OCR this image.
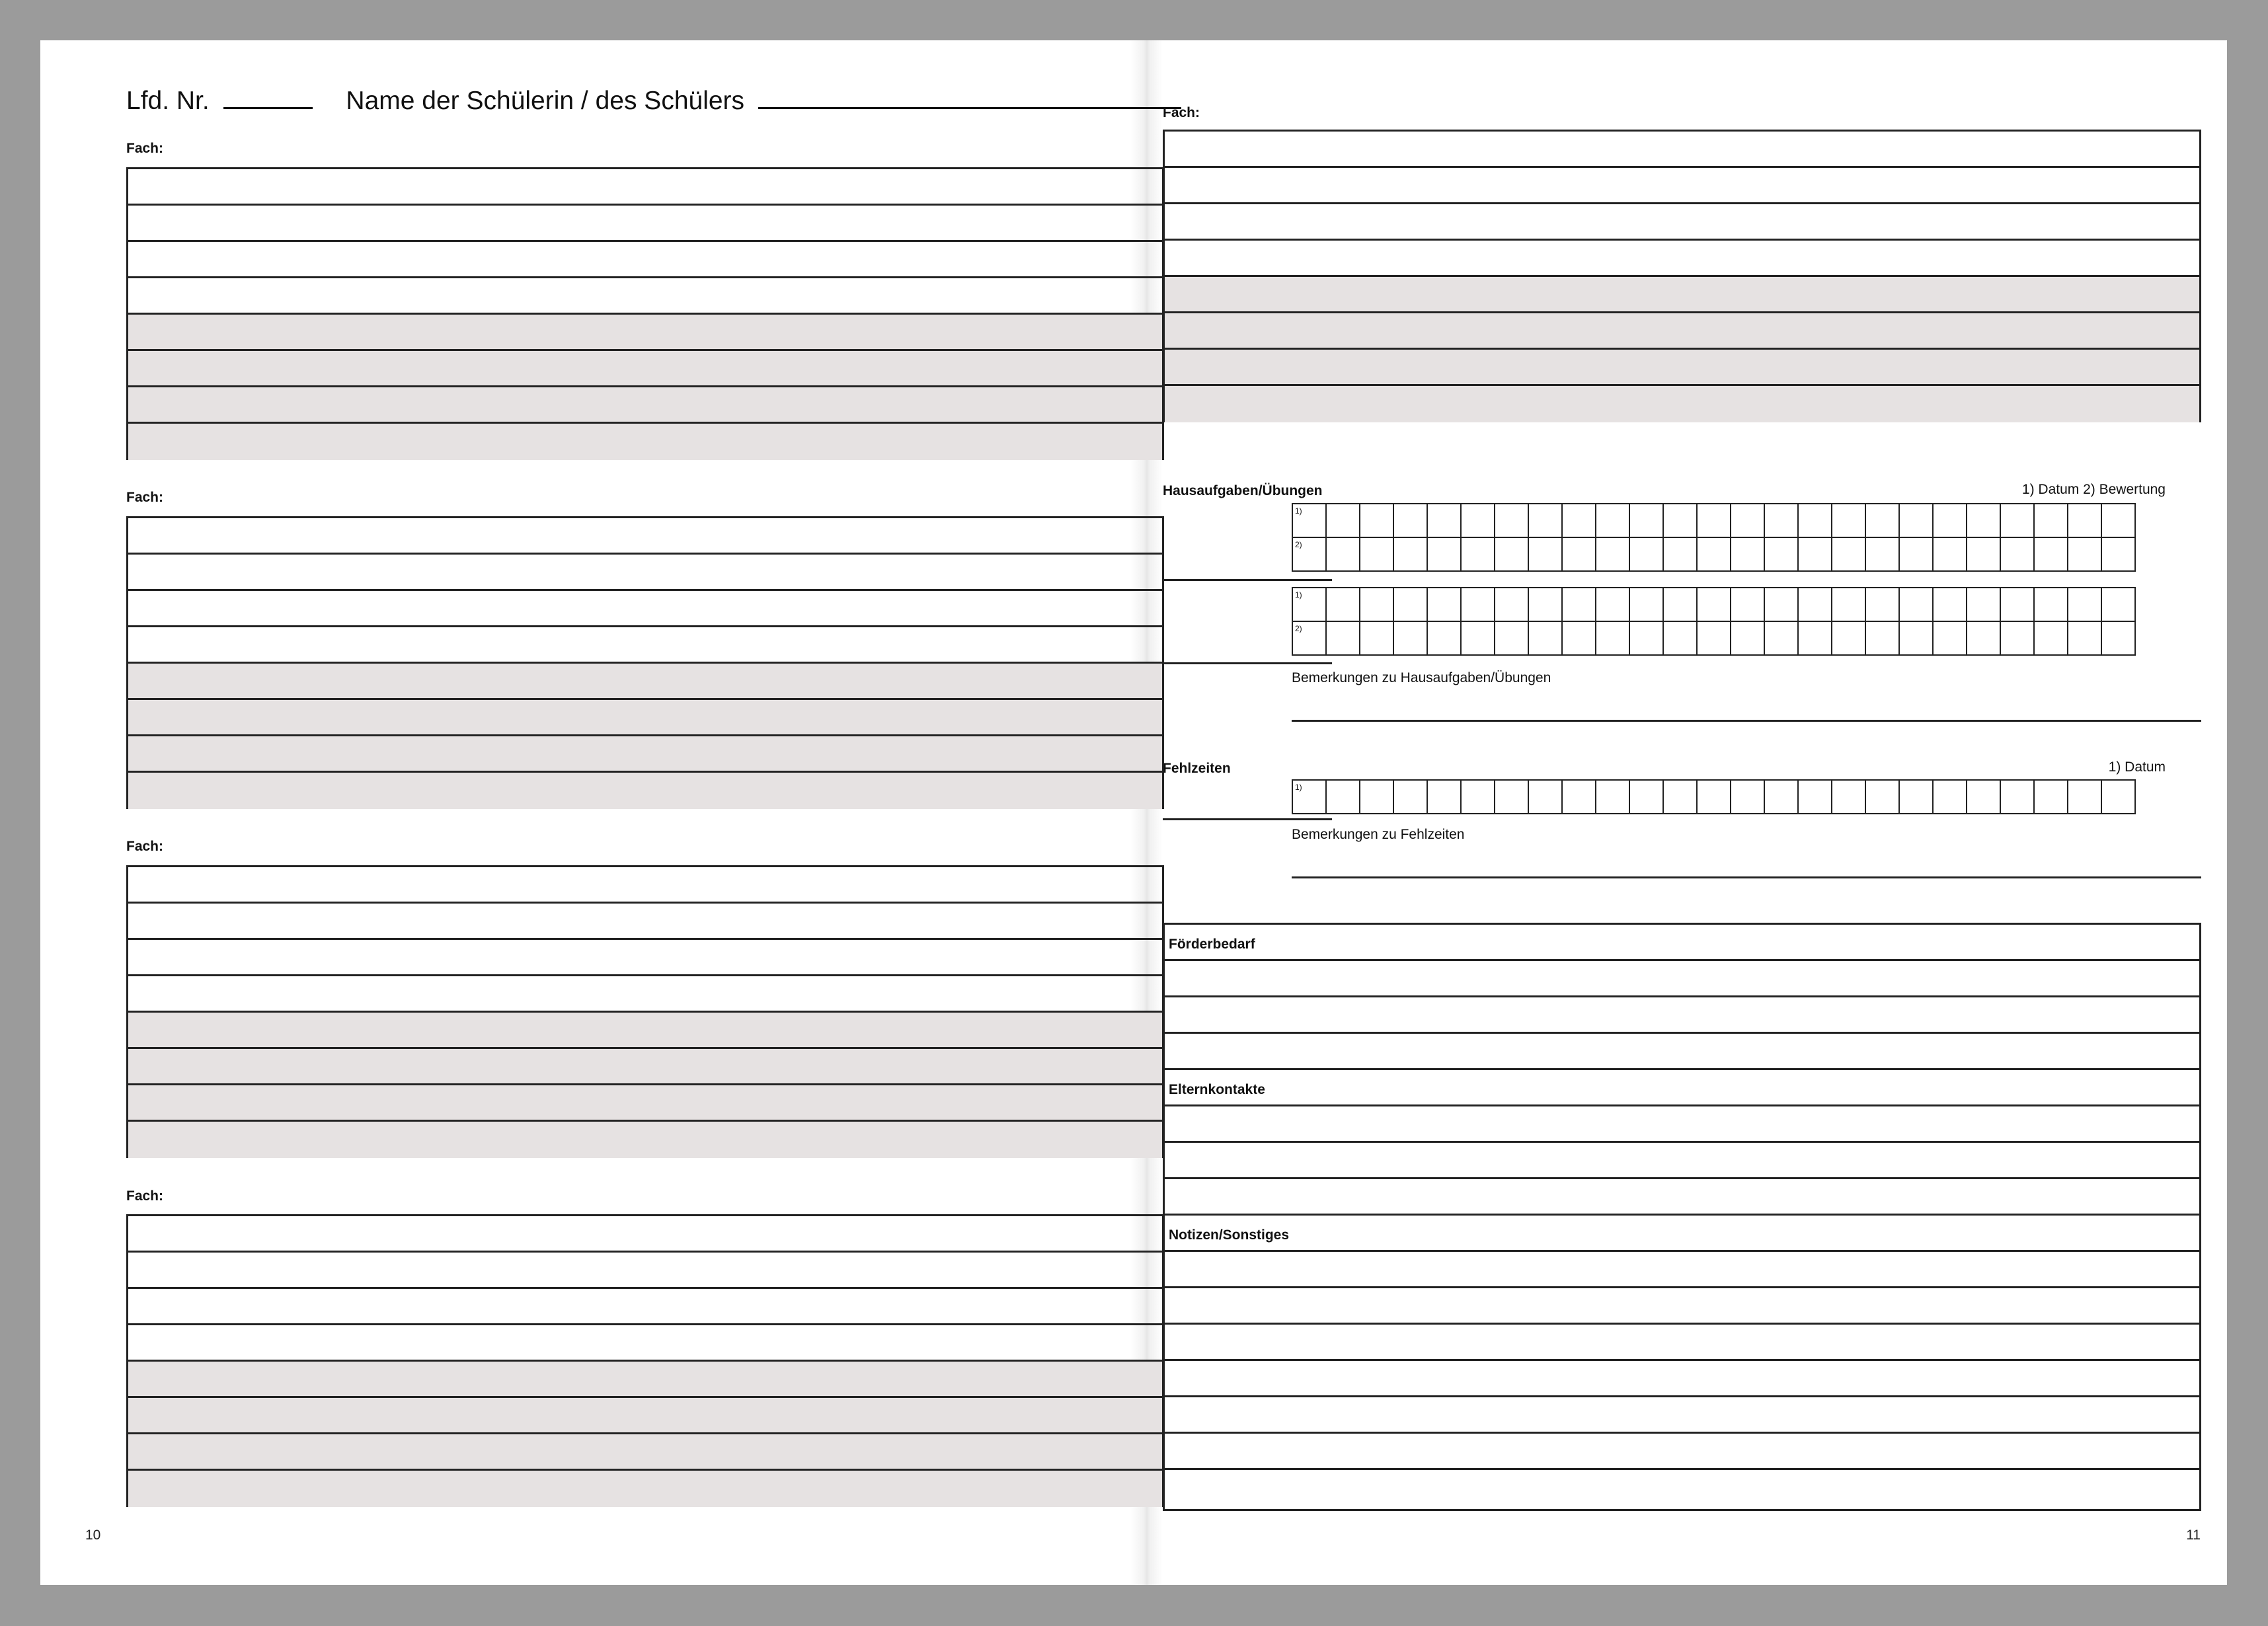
Lfd. Nr.	Name der Schülerin / des Schülers
Fach:
Fach:
Fach:
Fach:
10
Fach:
Hausaufgaben/Übungen	1) Datum 2) Bewertung
1)																								
2)																								
1)																								
2)																								
Bemerkungen zu Hausaufgaben/Übungen
Fehlzeiten	1) Datum
1)																								
Bemerkungen zu Fehlzeiten
Förderbedarf
Elternkontakte
Notizen/Sonstiges
11
